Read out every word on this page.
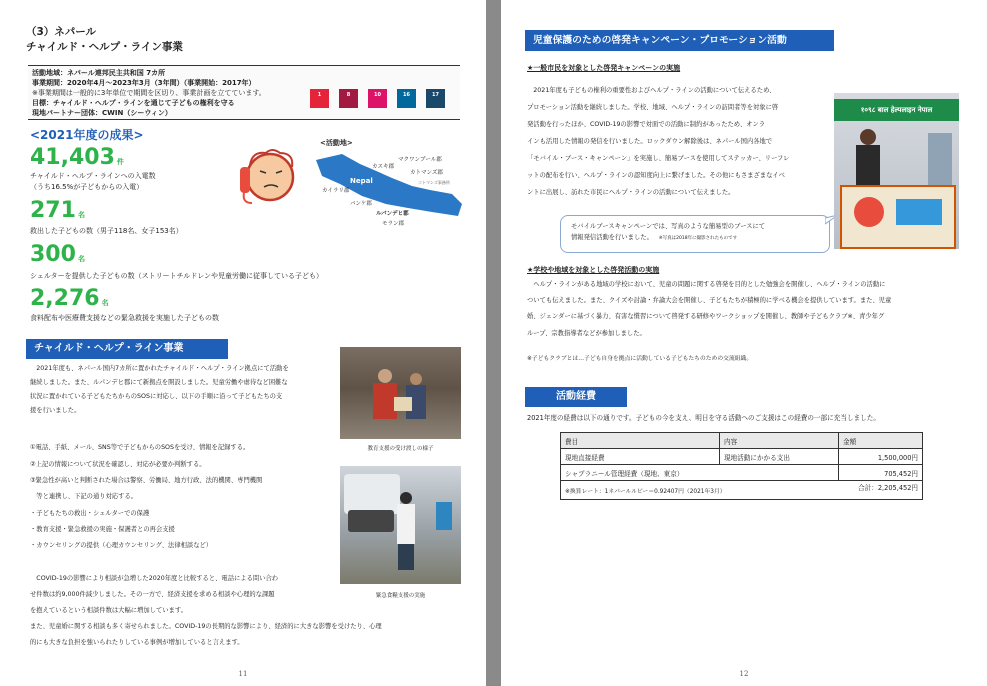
（3）ネパール
チャイルド・ヘルプ・ライン事業
活動地域：ネパール連邦民主共和国 7カ所
事業期間：2020年4月～2023年3月（3年間）（事業開始：2017年）
※事業期間は一般的に3年単位で期間を区切り、事業計画を立てています。
目標：チャイルド・ヘルプ・ラインを通じて子どもの権利を守る
現地パートナー団体：CWIN（シーウィン）
1	8	10	16	17
<2021年度の成果>
41,403 件
チャイルド・ヘルプ・ラインへの入電数
（うち16.5%が子どもからの入電）
271 名
救出した子どもの数（男子118名、女子153名）
300 名
シェルターを提供した子どもの数（ストリートチルドレンや児童労働に従事している子ども）
2,276 名
食料配布や医療費支援などの緊急救援を実施した子どもの数
<活動地>
Nepal
カスキ郡
マクワンプール郡
カトマンズ郡
コトマンズ事務所
カイラリ郡
バンケ郡
ルパンデヒ郡
モラン郡
チャイルド・ヘルプ・ライン事業
　2021年度も、ネパール国内7カ所に置かれたチャイルド・ヘルプ・ライン拠点にて活動を
継続しました。また、ルパンデヒ郡にて新拠点を開設しました。児童労働や虐待など困難な
状況に置かれている子どもたちからのSOSに対応し、以下の手順に沿って子どもたちの支
援を行いました。
①電話、手紙、メール、SNS等で子どもからのSOSを受け、情報を記録する。
②上記の情報について状況を確認し、対応が必要か判断する。
③緊急性が高いと判断された場合は警察、労働局、地方行政、法的機関、専門機関
　等と連携し、下記の通り対応する。
・子どもたちの救出・シェルターでの保護
・教育支援・緊急救援の実施・保護者との再会支援
・カウンセリングの提供（心理カウンセリング、法律相談など）
　COVID-19の影響により相談が急増した2020年度と比較すると、電話による問い合わ
せ件数は約9,000件減少しました。その一方で、経済支援を求める相談や心理的な課題
を抱えているという相談件数は大幅に増加しています。
また、児童婚に関する相談も多く寄せられました。COVID-19の長期的な影響により、経済的に大きな影響を受けたり、心理
的にも大きな負担を強いられたりしている事例が増加していると言えます。
教育支援の受け渡しの様子
緊急食糧支援の実施
11
児童保護のための啓発キャンペーン・プロモーション活動
★一般市民を対象とした啓発キャンペーンの実施
　2021年度も子どもの権利の重要性およびヘルプ・ラインの活動について伝えるため、
プロモーション活動を継続しました。学校、地域、ヘルプ・ラインの訪問者等を対象に啓
発活動を行ったほか、COVID-19の影響で対面での活動に制約があったため、オンラ
インも活用した情報の発信を行いました。ロックダウン解除後は、ネパール国内各地で
「モバイル・ブース・キャンペーン」を実施し、簡易ブースを使用してステッカー、リーフレ
ットの配布を行い、ヘルプ・ラインの認知度向上に繋げました。その他にもさまざまなイベ
ントに出展し、訪れた市民にヘルプ・ラインの活動について伝えました。
モバイルブースキャンペーンでは、写真のような簡易型のブースにて
情報発信活動を行いました。 ※写真は2018年に撮影されたものです
१०९८ बाल हेल्पलाइन नेपाल
★学校や地域を対象とした啓発活動の実施
　ヘルプ・ラインがある地域の学校において、児童の問題に関する啓発を目的とした勉強会を開催し、ヘルプ・ラインの活動に
ついても伝えました。また、クイズや討論・弁論大会を開催し、子どもたちが積極的に学べる機会を提供しています。また、児童
婚、ジェンダーに基づく暴力、有害な慣習について啓発する研修やワークショップを開催し、教師や子どもクラブ※、青少年グ
ループ、宗教指導者などが参加しました。
※子どもクラブとは…子ども自身を拠点に活動している子どもたちのための交流組織。
活動経費
2021年度の経費は以下の通りです。子どもの今を支え、明日を守る活動へのご支援はこの経費の一部に充当しました。
費目	内容	金額
現地直接経費	現地活動にかかる支出	1,500,000円
シャプラニール管理経費（現地、東京）		705,452円
※換算レート：1ネパールルピー＝0.92407円（2021年3月） 合計：2,205,452円		
12
